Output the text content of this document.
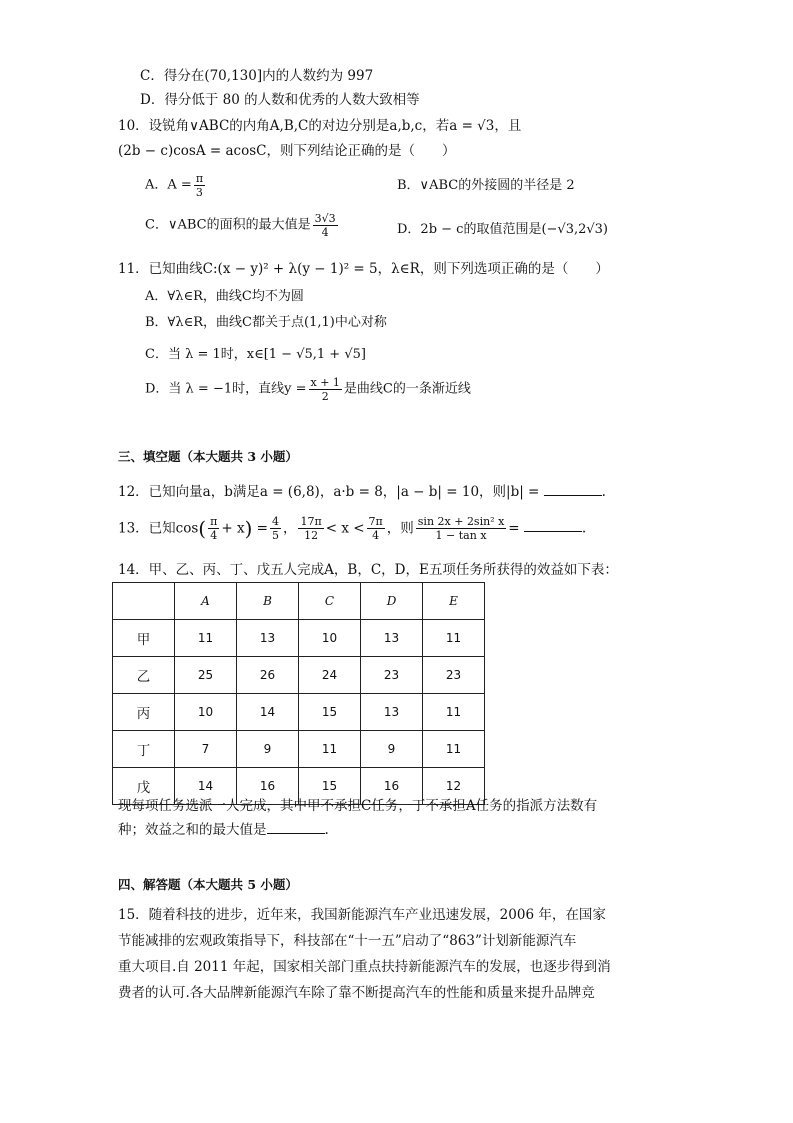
C．得分在(70,130]内的人数约为 997
D．得分低于 80 的人数和优秀的人数大致相等
10．设锐角∨ABC的内角A,B,C的对边分别是a,b,c，若a = √3，且
(2b − c)cosA = acosC，则下列结论正确的是（　　）
A．$A = \frac{\pi}{3}$	B．∨ABC的外接圆的半径是 2
C．∨ABC的面积的最大值是 $\frac{3√3}{4}$	D．2b − c的取值范围是(−√3,2√3)
11．已知曲线C:(x − y)² + λ(y − 1)² = 5，λ∈R，则下列选项正确的是（　　）
A．∀λ∈R，曲线C均不为圆
B．∀λ∈R，曲线C都关于点(1,1)中心对称
C．当 λ = 1时，x∈[1 − √5,1 + √5]
D．当 λ = −1时，直线$y = \frac{x + 1}{2}$ 是曲线C的一条渐近线
三、填空题（本大题共 3 小题）
12．已知向量a，b满足a = (6,8)，a·b = 8，|a − b| = 10，则|b| =	.
13．已知$\cos( \frac{\pi}{4} + x) = \frac{4}{5}$ ， $\frac{17\pi}{12} < x < \frac{7\pi}{4}$ ，则 $\frac{\text{sin 2x + 2sin² x}}{\text{1 − tan x}}$ =	.
14．甲、乙、丙、丁、戊五人完成A，B，C，D，E五项任务所获得的效益如下表：
	A	B	C	D	E
甲	11	13	10	13	11
乙	25	26	24	23	23
丙	10	14	15	13	11
丁	7	9	11	9	11
戊	14	16	15	16	12
现每项任务选派一人完成，其中甲不承担C任务，丁不承担A任务的指派方法数有
种；效益之和的最大值是	.
四、解答题（本大题共 5 小题）

15．随着科技的进步，近年来，我国新能源汽车产业迅速发展，2006 年，在国家

节能减排的宏观政策指导下，科技部在“十一五”启动了“863”计划新能源汽车

重大项目.自 2011 年起，国家相关部门重点扶持新能源汽车的发展，也逐步得到消

费者的认可.各大品牌新能源汽车除了靠不断提高汽车的性能和质量来提升品牌竞
